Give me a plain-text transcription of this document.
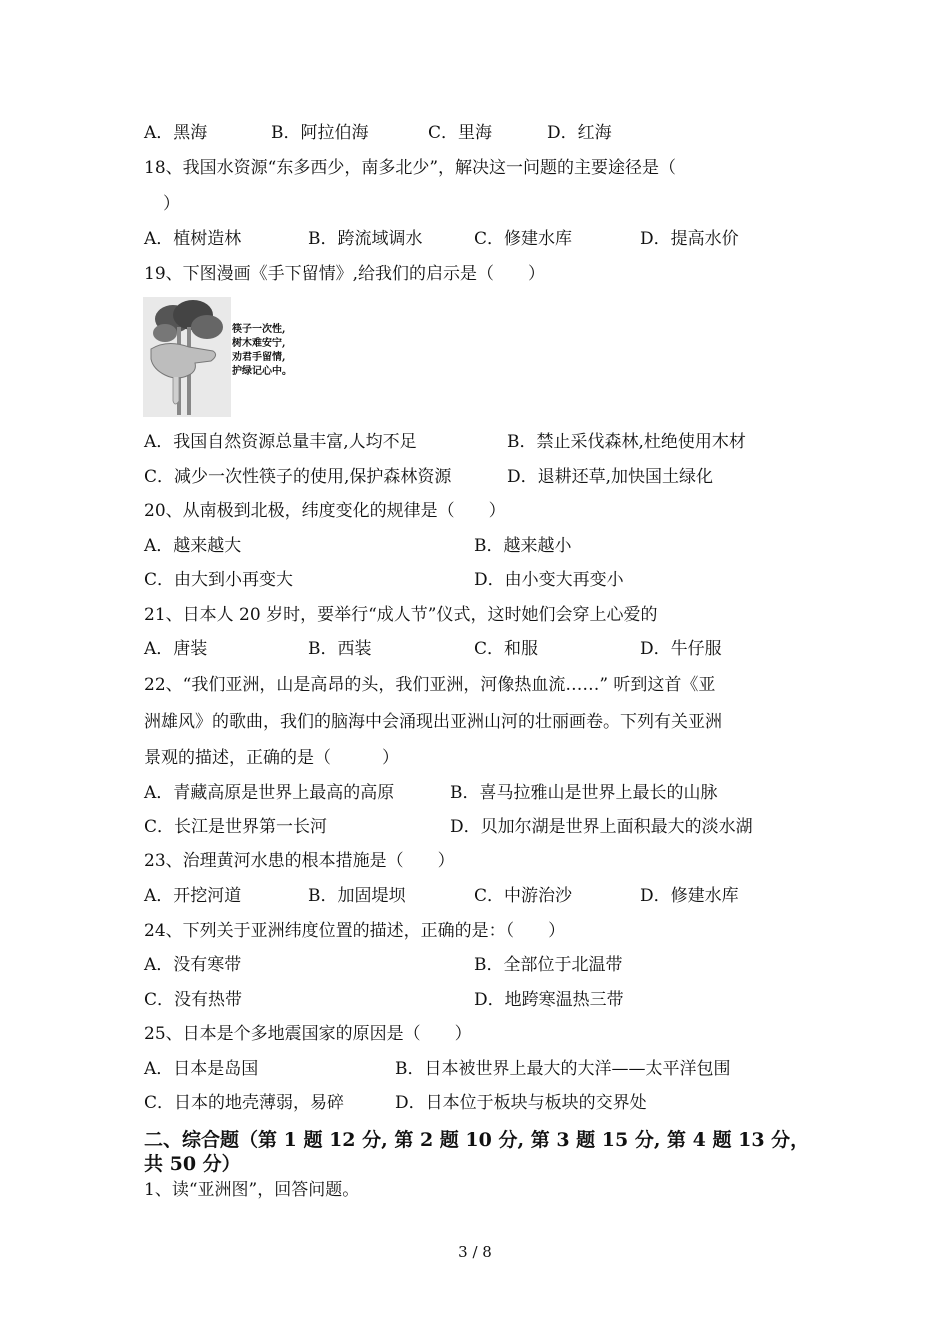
A．黑海	B．阿拉伯海	C．里海	D．红海
18、我国水资源“东多西少，南多北少”，解决这一问题的主要途径是（
）
A．植树造林	B．跨流域调水	C．修建水库	D．提高水价
19、下图漫画《手下留情》,给我们的启示是（　　）
筷子一次性,
树木难安宁,
劝君手留情,
护绿记心中。
A．我国自然资源总量丰富,人均不足	B．禁止采伐森林,杜绝使用木材
C．减少一次性筷子的使用,保护森林资源	D．退耕还草,加快国土绿化
20、从南极到北极，纬度变化的规律是（　　）
A．越来越大	B．越来越小
C．由大到小再变大	D．由小变大再变小
21、日本人 20 岁时，要举行“成人节”仪式，这时她们会穿上心爱的
A．唐装	B．西装	C．和服	D．牛仔服
22、“我们亚洲，山是高昂的头，我们亚洲，河像热血流……” 听到这首《亚
洲雄风》的歌曲，我们的脑海中会涌现出亚洲山河的壮丽画卷。下列有关亚洲
景观的描述，正确的是（　　　）
A．青藏高原是世界上最高的高原	B．喜马拉雅山是世界上最长的山脉
C．长江是世界第一长河	D．贝加尔湖是世界上面积最大的淡水湖
23、治理黄河水患的根本措施是（　　）
A．开挖河道	B．加固堤坝	C．中游治沙	D．修建水库
24、下列关于亚洲纬度位置的描述，正确的是：（　　）
A．没有寒带	B．全部位于北温带
C．没有热带	D．地跨寒温热三带
25、日本是个多地震国家的原因是（　　）
A．日本是岛国	B．日本被世界上最大的大洋——太平洋包围
C．日本的地壳薄弱，易碎	D．日本位于板块与板块的交界处
二、综合题（第 1 题 12 分, 第 2 题 10 分, 第 3 题 15 分, 第 4 题 13 分，
共 50 分）
1、读“亚洲图”，回答问题。
3 / 8
